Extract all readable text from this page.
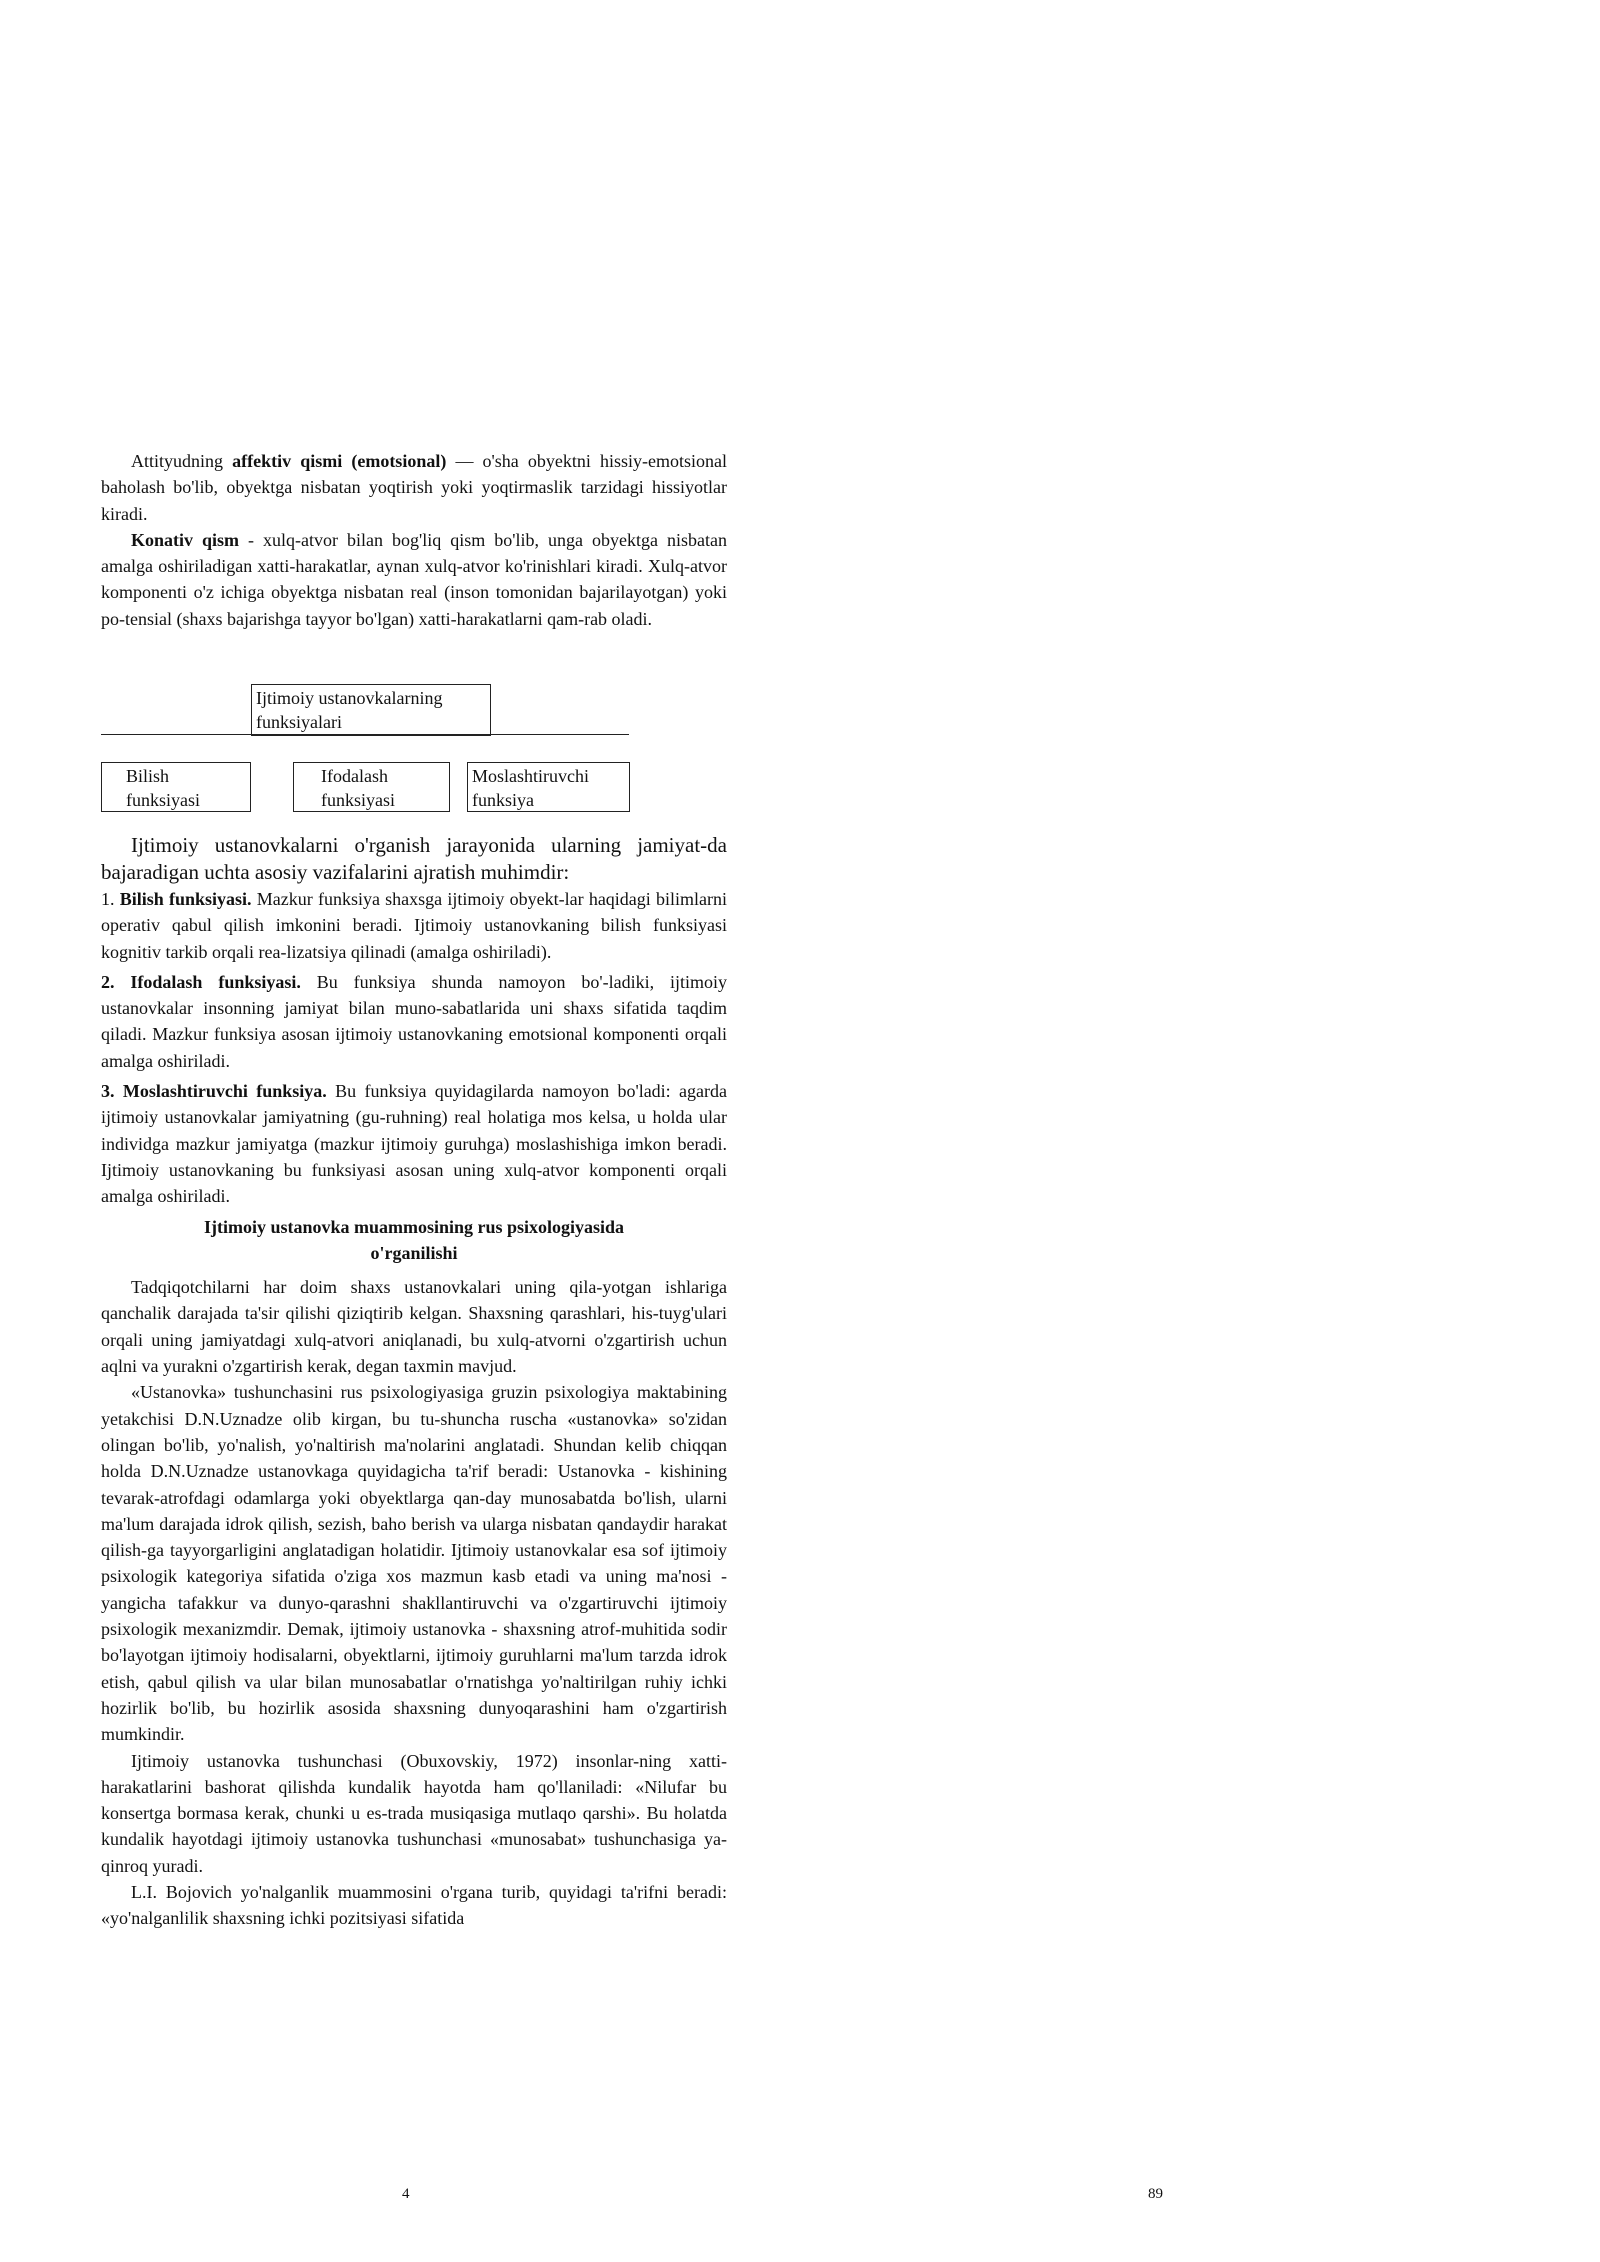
Attityudning affektiv qismi (emotsional) — o'sha obyektni hissiy-emotsional baholash bo'lib, obyektga nisbatan yoqtirish yoki yoqtirmaslik tarzidagi hissiyotlar kiradi.

Konativ qism - xulq-atvor bilan bog'liq qism bo'lib, unga obyektga nisbatan amalga oshiriladigan xatti-harakatlar, aynan xulq-atvor ko'rinishlari kiradi. Xulq-atvor komponenti o'z ichiga obyektga nisbatan real (inson tomonidan bajarilayotgan) yoki po-tensial (shaxs bajarishga tayyor bo'lgan) xatti-harakatlarni qam-rab oladi.

Ijtimoiy ustanovkalarning
funksiyalari
Bilish
funksiyasi
Ifodalash
funksiyasi
Moslashtiruvchi
funksiya

Ijtimoiy ustanovkalarni o'rganish jarayonida ularning jamiyat-da bajaradigan uchta asosiy vazifalarini ajratish muhimdir:

1. Bilish funksiyasi. Mazkur funksiya shaxsga ijtimoiy obyekt-lar haqidagi bilimlarni operativ qabul qilish imkonini beradi. Ijtimoiy ustanovkaning bilish funksiyasi kognitiv tarkib orqali rea-lizatsiya qilinadi (amalga oshiriladi).

2. Ifodalash funksiyasi. Bu funksiya shunda namoyon bo'-ladiki, ijtimoiy ustanovkalar insonning jamiyat bilan muno-sabatlarida uni shaxs sifatida taqdim qiladi. Mazkur funksiya asosan ijtimoiy ustanovkaning emotsional komponenti orqali amalga oshiriladi.

3. Moslashtiruvchi funksiya. Bu funksiya quyidagilarda namoyon bo'ladi: agarda ijtimoiy ustanovkalar jamiyatning (gu-ruhning) real holatiga mos kelsa, u holda ular individga mazkur jamiyatga (mazkur ijtimoiy guruhga) moslashishiga imkon beradi. Ijtimoiy ustanovkaning bu funksiyasi asosan uning xulq-atvor komponenti orqali amalga oshiriladi.

Ijtimoiy ustanovka muammosining rus psixologiyasida
o'rganilishi

Tadqiqotchilarni har doim shaxs ustanovkalari uning qila-yotgan ishlariga qanchalik darajada ta'sir qilishi qiziqtirib kelgan. Shaxsning qarashlari, his-tuyg'ulari orqali uning jamiyatdagi xulq-atvori aniqlanadi, bu xulq-atvorni o'zgartirish uchun aqlni va yurakni o'zgartirish kerak, degan taxmin mavjud.

«Ustanovka» tushunchasini rus psixologiyasiga gruzin psixologiya maktabining yetakchisi D.N.Uznadze olib kirgan, bu tu-shuncha ruscha «ustanovka» so'zidan olingan bo'lib, yo'nalish, yo'naltirish ma'nolarini anglatadi. Shundan kelib chiqqan holda D.N.Uznadze ustanovkaga quyidagicha ta'rif beradi: Ustanovka - kishining tevarak-atrofdagi odamlarga yoki obyektlarga qan-day munosabatda bo'lish, ularni ma'lum darajada idrok qilish, sezish, baho berish va ularga nisbatan qandaydir harakat qilish-ga tayyorgarligini anglatadigan holatidir. Ijtimoiy ustanovkalar esa sof ijtimoiy psixologik kategoriya sifatida o'ziga xos mazmun kasb etadi va uning ma'nosi - yangicha tafakkur va dunyo-qarashni shakllantiruvchi va o'zgartiruvchi ijtimoiy psixologik mexanizmdir. Demak, ijtimoiy ustanovka - shaxsning atrof-muhitida sodir bo'layotgan ijtimoiy hodisalarni, obyektlarni, ijtimoiy guruhlarni ma'lum tarzda idrok etish, qabul qilish va ular bilan munosabatlar o'rnatishga yo'naltirilgan ruhiy ichki hozirlik bo'lib, bu hozirlik asosida shaxsning dunyoqarashini ham o'zgartirish mumkindir.

Ijtimoiy ustanovka tushunchasi (Obuxovskiy, 1972) insonlar-ning xatti-harakatlarini bashorat qilishda kundalik hayotda ham qo'llaniladi: «Nilufar bu konsertga bormasa kerak, chunki u es-trada musiqasiga mutlaqo qarshi». Bu holatda kundalik hayotdagi ijtimoiy ustanovka tushunchasi «munosabat» tushunchasiga ya-qinroq yuradi.

L.I. Bojovich yo'nalganlik muammosini o'rgana turib, quyidagi ta'rifni beradi: «yo'nalganlilik shaxsning ichki pozitsiyasi sifatida

4	89
